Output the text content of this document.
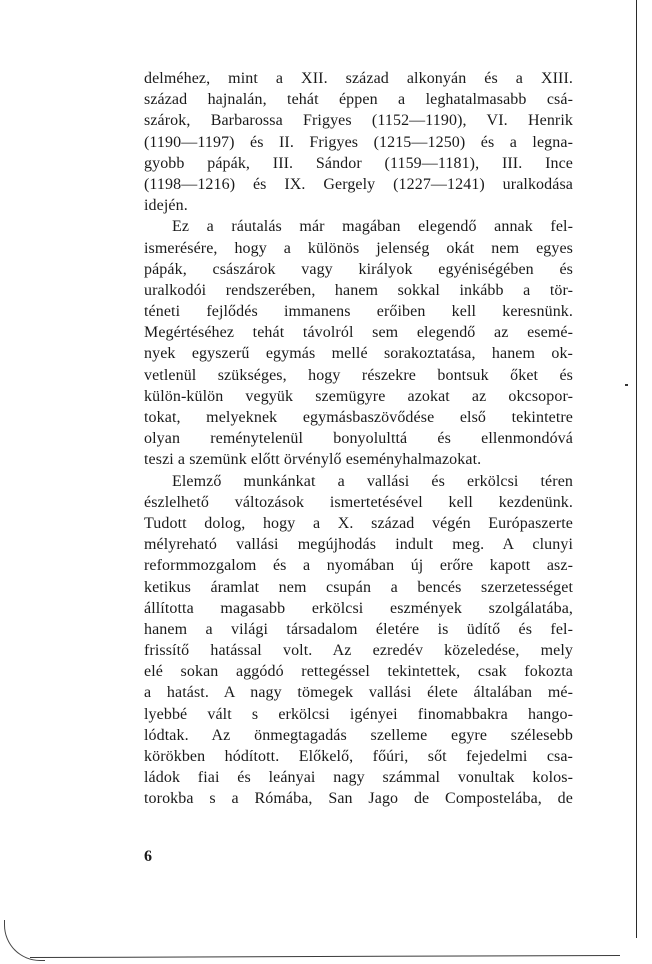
delméhez, mint a XII. század alkonyán és a XIII.
század hajnalán, tehát éppen a leghatalmasabb csá-
szárok, Barbarossa Frigyes (1152—1190), VI. Henrik
(1190—1197) és II. Frigyes (1215—1250) és a legna-
gyobb pápák, III. Sándor (1159—1181), III. Ince
(1198—1216) és IX. Gergely (1227—1241) uralkodása
idején.
Ez a ráutalás már magában elegendő annak fel-
ismerésére, hogy a különös jelenség okát nem egyes
pápák, császárok vagy királyok egyéniségében és
uralkodói rendszerében, hanem sokkal inkább a tör-
téneti fejlődés immanens erőiben kell keresnünk.
Megértéséhez tehát távolról sem elegendő az esemé-
nyek egyszerű egymás mellé sorakoztatása, hanem ok-
vetlenül szükséges, hogy részekre bontsuk őket és
külön-külön vegyük szemügyre azokat az okcsopor-
tokat, melyeknek egymásbaszövődése első tekintetre
olyan reménytelenül bonyolulttá és ellenmondóvá
teszi a szemünk előtt örvénylő eseményhalmazokat.
Elemző munkánkat a vallási és erkölcsi téren
észlelhető változások ismertetésével kell kezdenünk.
Tudott dolog, hogy a X. század végén Európaszerte
mélyreható vallási megújhodás indult meg. A clunyi
reformmozgalom és a nyomában új erőre kapott asz-
ketikus áramlat nem csupán a bencés szerzetességet
állította magasabb erkölcsi eszmények szolgálatába,
hanem a világi társadalom életére is üdítő és fel-
frissítő hatással volt. Az ezredév közeledése, mely
elé sokan aggódó rettegéssel tekintettek, csak fokozta
a hatást. A nagy tömegek vallási élete általában mé-
lyebbé vált s erkölcsi igényei finomabbakra hango-
lódtak. Az önmegtagadás szelleme egyre szélesebb
körökben hódított. Előkelő, főúri, sőt fejedelmi csa-
ládok fiai és leányai nagy számmal vonultak kolos-
torokba s a Rómába, San Jago de Compostelába, de
6
